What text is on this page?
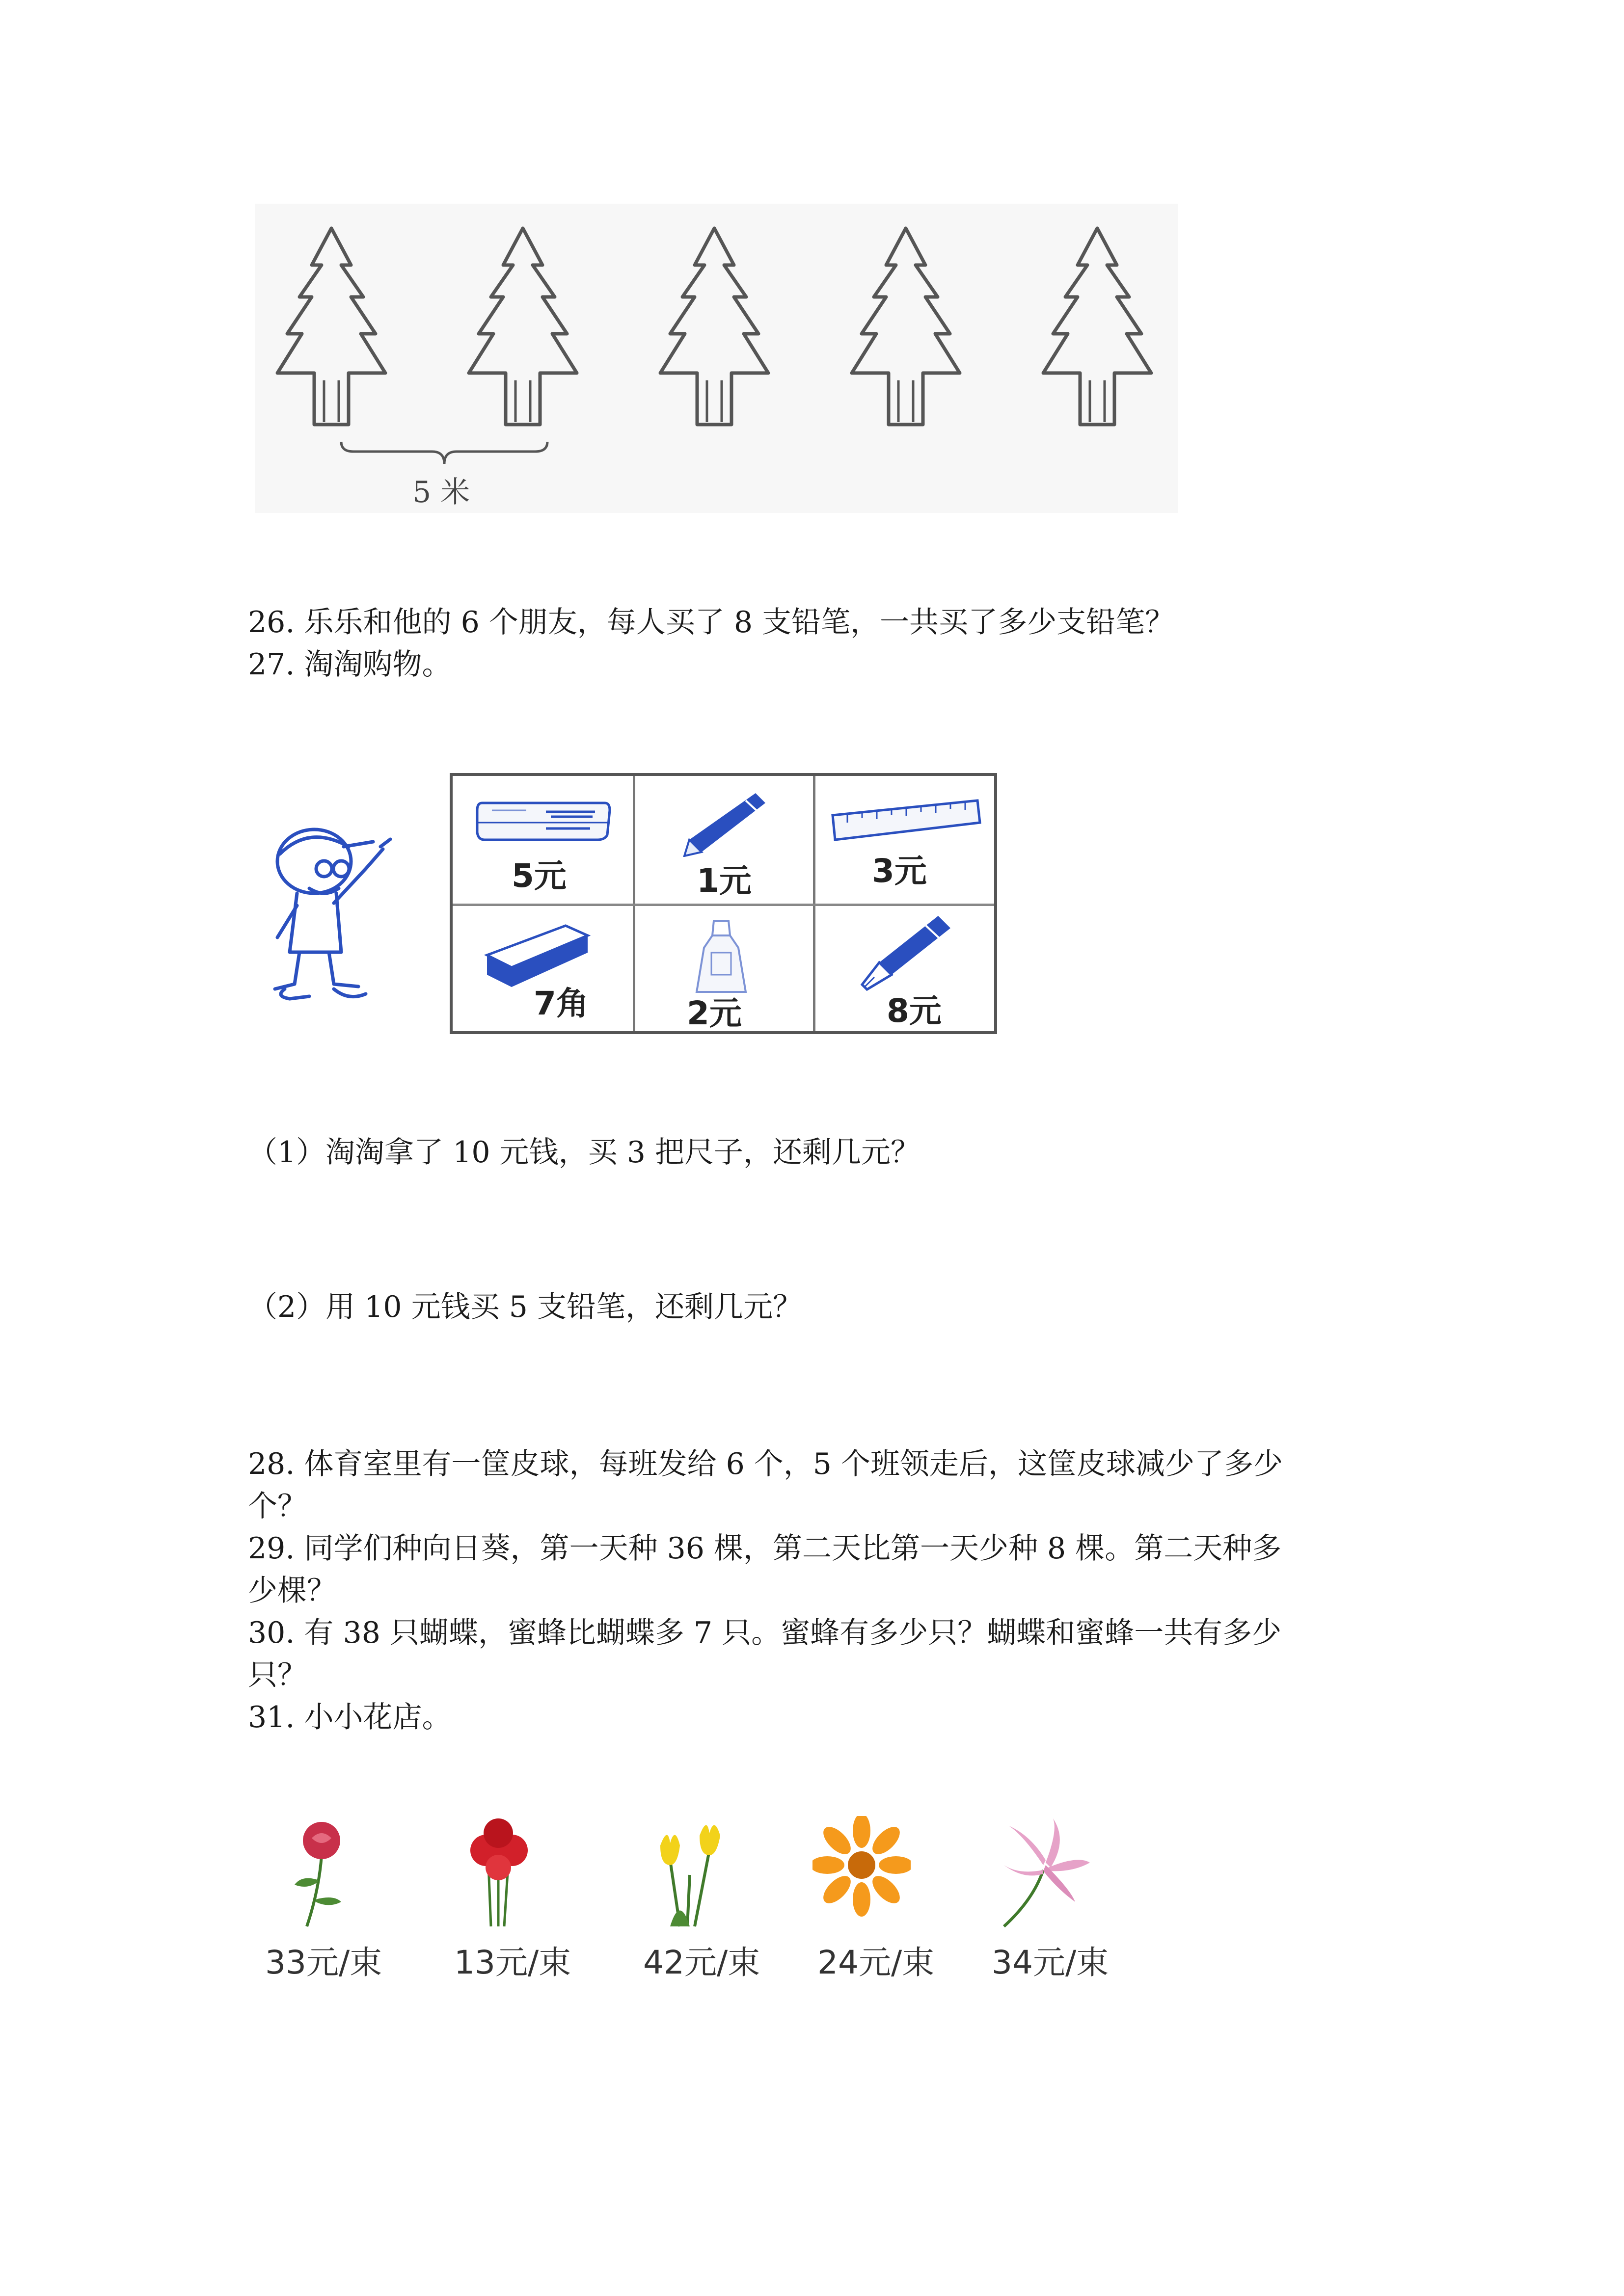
5 米
26. 乐乐和他的 6 个朋友，每人买了 8 支铅笔，一共买了多少支铅笔？
27. 淘淘购物。
5元	1元	3元
7角	2元	8元
（1）淘淘拿了 10 元钱，买 3 把尺子，还剩几元？
（2）用 10 元钱买 5 支铅笔，还剩几元？
28. 体育室里有一筐皮球，每班发给 6 个，5 个班领走后，这筐皮球减少了多少
个？
29. 同学们种向日葵，第一天种 36 棵，第二天比第一天少种 8 棵。第二天种多
少棵？
30. 有 38 只蝴蝶，蜜蜂比蝴蝶多 7 只。蜜蜂有多少只？蝴蝶和蜜蜂一共有多少
只？
31. 小小花店。
33元/束 13元/束 42元/束 24元/束 34元/束
